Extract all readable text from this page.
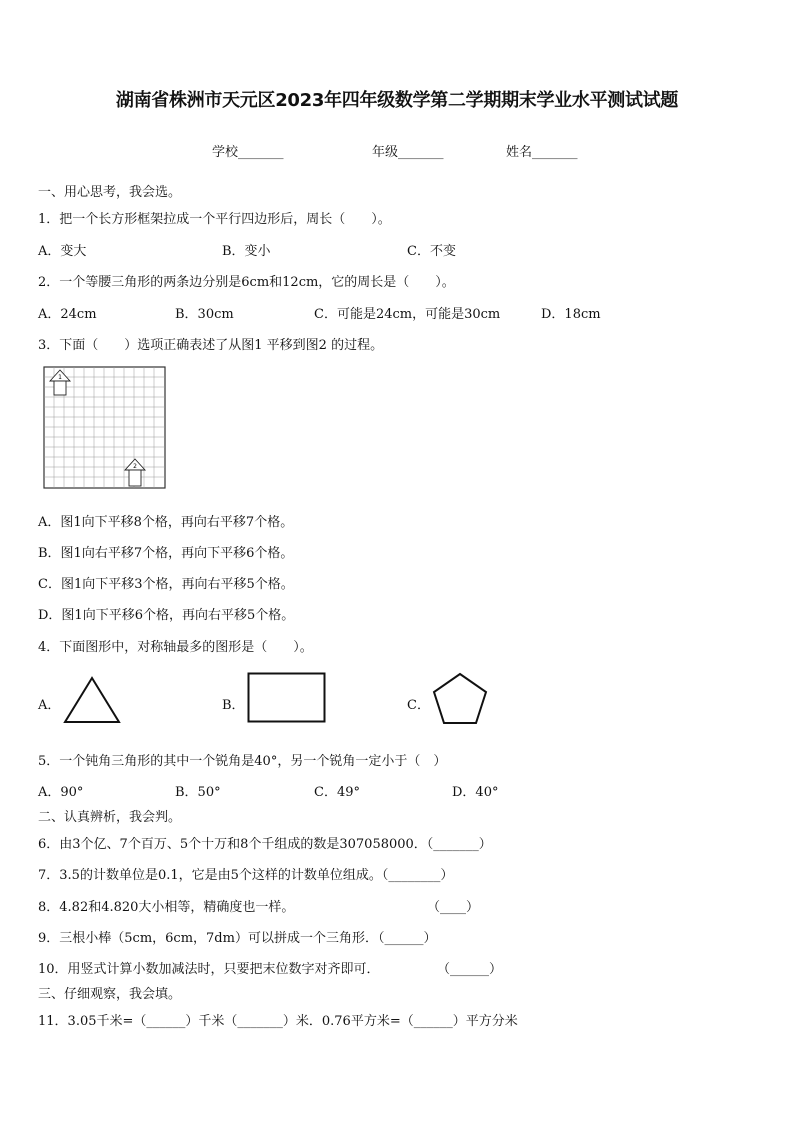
湖南省株洲市天元区2023年四年级数学第二学期期末学业水平测试试题
学校_______	年级_______	姓名_______
一、用心思考，我会选。
1．把一个长方形框架拉成一个平行四边形后，周长（　　）。
A．变大	B．变小	C．不变
2．一个等腰三角形的两条边分别是6cm和12cm，它的周长是（　　）。
A．24cm	B．30cm	C．可能是24cm，可能是30cm	D．18cm
3．下面（　　）选项正确表述了从图1 平移到图2 的过程。
1
2
A．图1向下平移8个格，再向右平移7个格。
B．图1向右平移7个格，再向下平移6个格。
C．图1向下平移3个格，再向右平移5个格。
D．图1向下平移6个格，再向右平移5个格。
4．下面图形中，对称轴最多的图形是（　　）。
A．	B．	C．
5．一个钝角三角形的其中一个锐角是40°，另一个锐角一定小于（　）
A．90°	B．50°	C．49°	D．40°
二、认真辨析，我会判。
6．由3个亿、7个百万、5个十万和8个千组成的数是307058000．（_______）
7．3.5的计数单位是0.1，它是由5个这样的计数单位组成。（________）
8．4.82和4.820大小相等，精确度也一样。	（____）
9．三根小棒（5cm，6cm，7dm）可以拼成一个三角形．（______）
10．用竖式计算小数加减法时，只要把末位数字对齐即可．	（______）
三、仔细观察，我会填。
11．3.05千米=（______）千米（_______）米．0.76平方米=（______）平方分米
